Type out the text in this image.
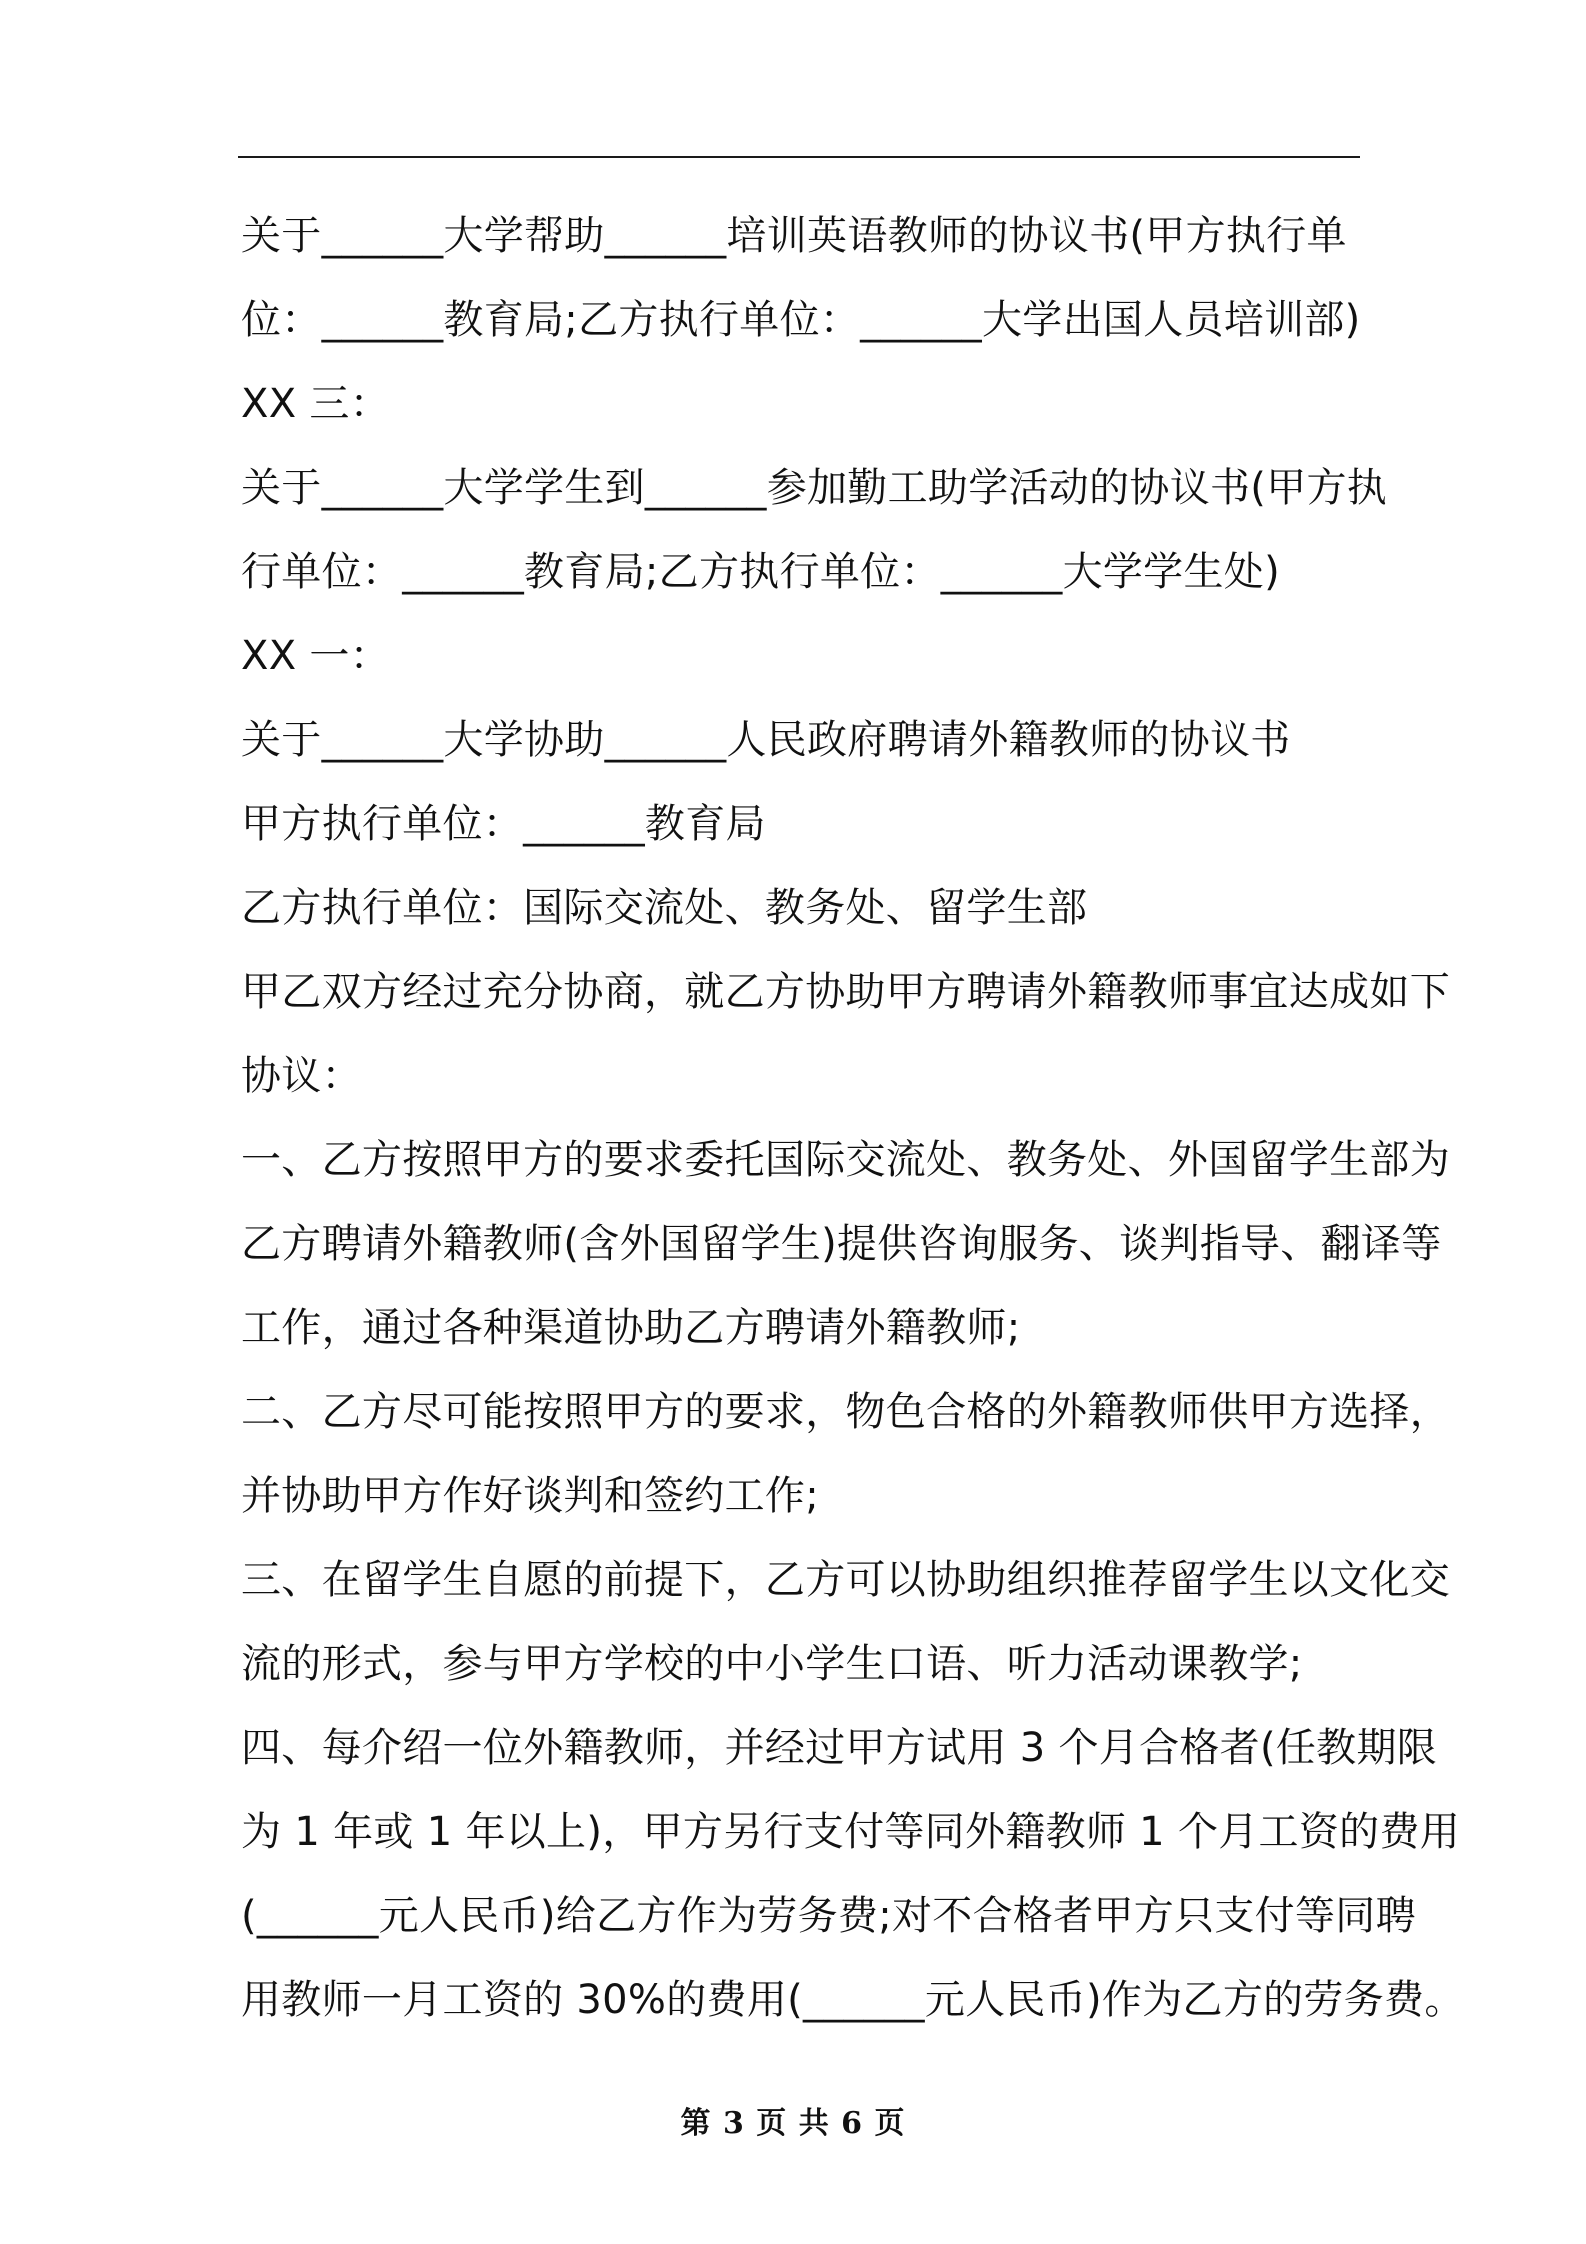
关于______大学帮助______培训英语教师的协议书(甲方执行单

位：______教育局;乙方执行单位：______大学出国人员培训部)

XX 三：

关于______大学学生到______参加勤工助学活动的协议书(甲方执

行单位：______教育局;乙方执行单位：______大学学生处)

XX 一：

关于______大学协助______人民政府聘请外籍教师的协议书

甲方执行单位：______教育局

乙方执行单位：国际交流处、教务处、留学生部

甲乙双方经过充分协商，就乙方协助甲方聘请外籍教师事宜达成如下

协议：

一、乙方按照甲方的要求委托国际交流处、教务处、外国留学生部为

乙方聘请外籍教师(含外国留学生)提供咨询服务、谈判指导、翻译等

工作，通过各种渠道协助乙方聘请外籍教师;

二、乙方尽可能按照甲方的要求，物色合格的外籍教师供甲方选择，

并协助甲方作好谈判和签约工作;

三、在留学生自愿的前提下，乙方可以协助组织推荐留学生以文化交

流的形式，参与甲方学校的中小学生口语、听力活动课教学;

四、每介绍一位外籍教师，并经过甲方试用 3 个月合格者(任教期限

为 1 年或 1 年以上)，甲方另行支付等同外籍教师 1 个月工资的费用

(______元人民币)给乙方作为劳务费;对不合格者甲方只支付等同聘

用教师一月工资的 30%的费用(______元人民币)作为乙方的劳务费。

第 3 页 共 6 页
